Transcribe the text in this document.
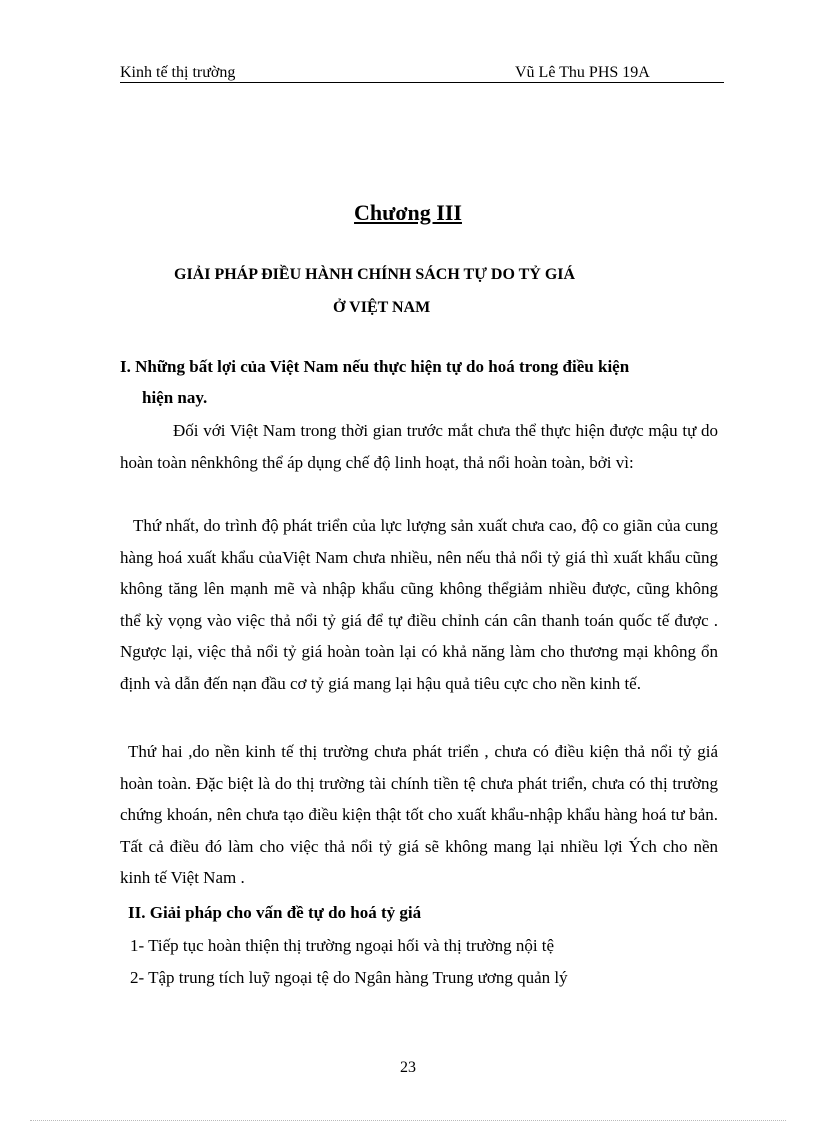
Kinh tế thị trường	Vũ Lê Thu PHS 19A
Chương III
GIẢI PHÁP ĐIỀU HÀNH CHÍNH SÁCH TỰ DO TỶ GIÁ
Ở VIỆT NAM
I. Những bất lợi của Việt Nam nếu thực hiện tự do hoá trong điều kiện
hiện nay.
Đối với Việt Nam trong thời gian trước mắt chưa thể thực hiện được mậu tự do hoàn toàn nênkhông thể áp dụng chế độ linh hoạt, thả nổi hoàn toàn, bởi vì:
Thứ nhất, do trình độ phát triển của lực lượng sản xuất chưa cao, độ co giãn của cung hàng hoá xuất khẩu củaViệt Nam chưa nhiều, nên nếu thả nổi tỷ giá thì xuất khẩu cũng không tăng lên mạnh mẽ và nhập khẩu cũng không thểgiảm nhiều được, cũng không thể kỳ vọng vào việc thả nổi tỷ giá để tự điều chỉnh cán cân thanh toán quốc tế được . Ngược lại, việc thả nổi tỷ giá hoàn toàn lại có khả năng làm cho thương mại không ổn định và dẫn đến nạn đầu cơ tỷ giá mang lại hậu quả tiêu cực cho nền kinh tế.
Thứ hai ,do nền kinh tế thị trường chưa phát triển , chưa có điều kiện thả nổi tỷ giá hoàn toàn. Đặc biệt là do thị trường tài chính tiền tệ chưa phát triển, chưa có thị trường chứng khoán, nên chưa tạo điều kiện thật tốt cho xuất khẩu-nhập khẩu hàng hoá tư bản. Tất cả điều đó làm cho việc thả nổi tỷ giá sẽ không mang lại nhiều lợi Ých cho nền kinh tế Việt Nam .
II. Giải pháp cho vấn đề tự do hoá tỷ giá
1- Tiếp tục hoàn thiện thị trường ngoại hối và thị trường nội tệ
2- Tập trung tích luỹ ngoại tệ do Ngân hàng Trung ương quản lý
23
